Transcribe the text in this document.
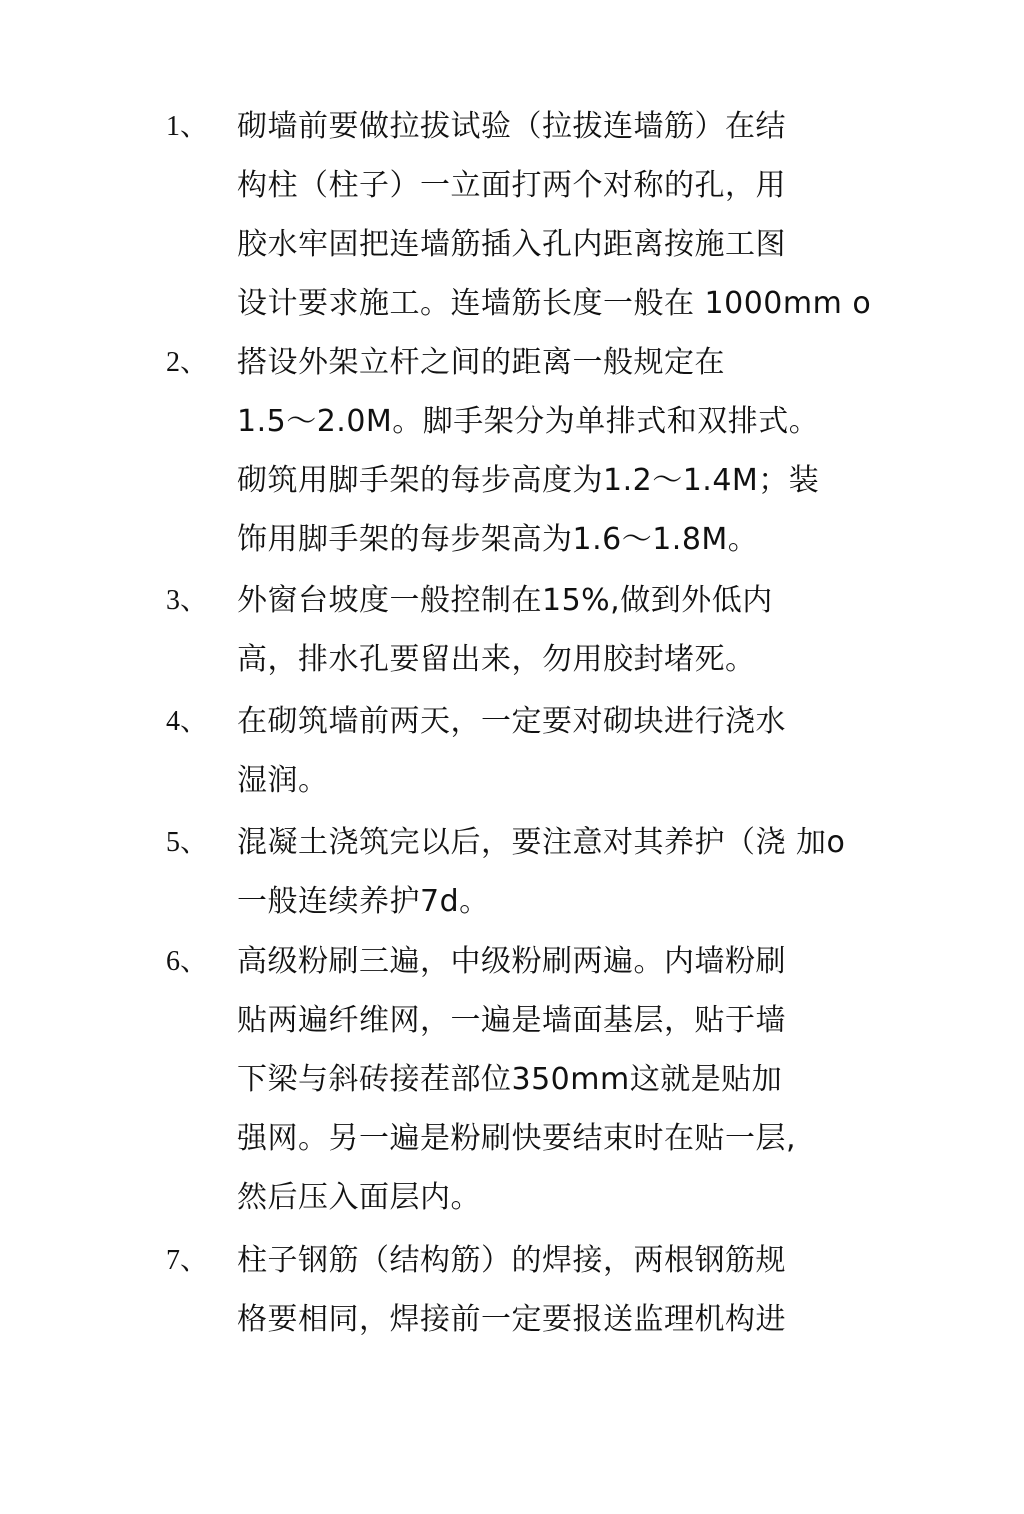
1、 砌墙前要做拉拔试验（拉拔连墙筋）在结
构柱（柱子）一立面打两个对称的孔，用
胶水牢固把连墙筋插入孔内距离按施工图
设计要求施工。连墙筋长度一般在 1000mm o
2、 搭设外架立杆之间的距离一般规定在
1.5～2.0M。脚手架分为单排式和双排式。
砌筑用脚手架的每步高度为1.2～1.4M；装
饰用脚手架的每步架高为1.6～1.8M。
3、 外窗台坡度一般控制在15%,做到外低内
高，排水孔要留出来，勿用胶封堵死。
4、 在砌筑墙前两天，一定要对砌块进行浇水
湿润。
5、 混凝土浇筑完以后，要注意对其养护（浇 加o
一般连续养护7d。
6、 高级粉刷三遍，中级粉刷两遍。内墙粉刷
贴两遍纤维网，一遍是墙面基层，贴于墙
下梁与斜砖接茬部位350mm这就是贴加
强网。另一遍是粉刷快要结束时在贴一层,
然后压入面层内。
7、 柱子钢筋（结构筋）的焊接，两根钢筋规
格要相同，焊接前一定要报送监理机构进
